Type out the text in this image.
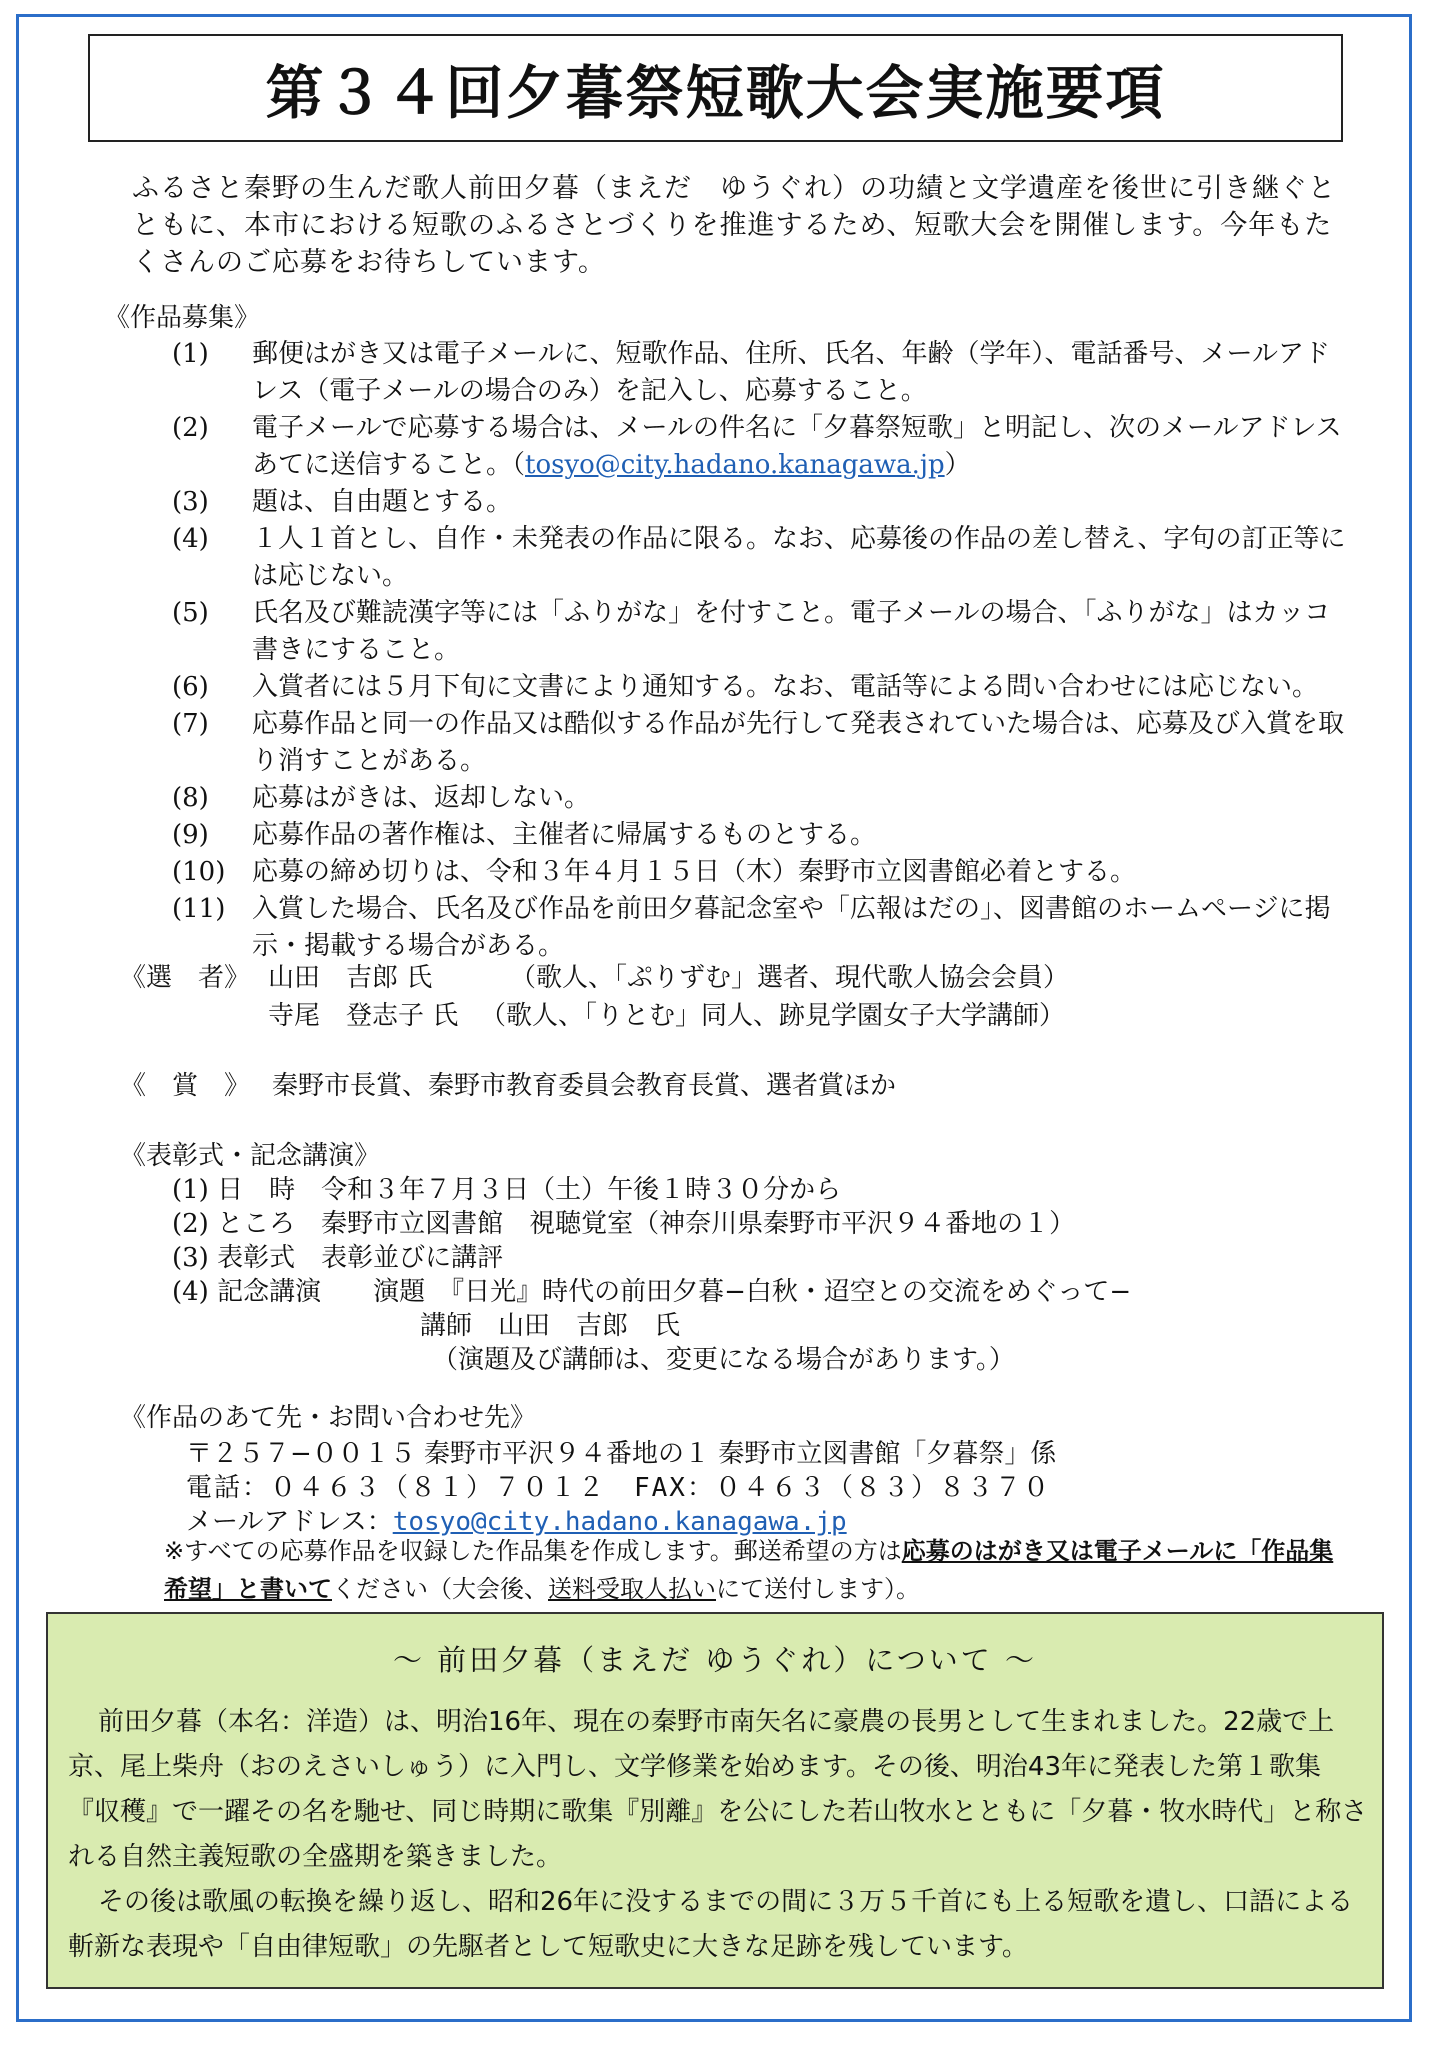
第３４回夕暮祭短歌大会実施要項

ふるさと秦野の生んだ歌人前田夕暮（まえだ　ゆうぐれ）の功績と文学遺産を後世に引き継ぐとともに、本市における短歌のふるさとづくりを推進するため、短歌大会を開催します。今年もたくさんのご応募をお待ちしています。

《作品募集》

(1)	郵便はがき又は電子メールに、短歌作品、住所、氏名、年齢（学年）、電話番号、メールアドレス（電子メールの場合のみ）を記入し、応募すること。
(2)	電子メールで応募する場合は、メールの件名に「夕暮祭短歌」と明記し、次のメールアドレスあてに送信すること。（tosyo@city.hadano.kanagawa.jp）
(3)	題は、自由題とする。
(4)	１人１首とし、自作・未発表の作品に限る。なお、応募後の作品の差し替え、字句の訂正等には応じない。
(5)	氏名及び難読漢字等には「ふりがな」を付すこと。電子メールの場合、「ふりがな」はカッコ書きにすること。
(6)	入賞者には５月下旬に文書により通知する。なお、電話等による問い合わせには応じない。
(7)	応募作品と同一の作品又は酷似する作品が先行して発表されていた場合は、応募及び入賞を取り消すことがある。
(8)	応募はがきは、返却しない。
(9)	応募作品の著作権は、主催者に帰属するものとする。
(10)	応募の締め切りは、令和３年４月１５日（木）秦野市立図書館必着とする。
(11)	入賞した場合、氏名及び作品を前田夕暮記念室や「広報はだの」、図書館のホームページに掲示・掲載する場合がある。

《選　者》 山田　吉郎 氏	（歌人、「ぷりずむ」選者、現代歌人協会会員）

寺尾　登志子 氏 （歌人、「りとむ」同人、跡見学園女子大学講師）

《　賞　》 秦野市長賞、秦野市教育委員会教育長賞、選者賞ほか

《表彰式・記念講演》

(1) 日　時　令和３年７月３日（土）午後１時３０分から

(2) ところ　秦野市立図書館　視聴覚室（神奈川県秦野市平沢９４番地の１）

(3) 表彰式　表彰並びに講評

(4) 記念講演　　演題　『日光』時代の前田夕暮−白秋・迢空との交流をめぐって−

講師　山田　吉郎　氏

（演題及び講師は、変更になる場合があります。）

《作品のあて先・お問い合わせ先》

〒２５７−００１５ 秦野市平沢９４番地の１ 秦野市立図書館「夕暮祭」係

電話：０４６３（８１）７０１２　FAX：０４６３（８３）８３７０

メールアドレス：tosyo@city.hadano.kanagawa.jp

※すべての応募作品を収録した作品集を作成します。郵送希望の方は応募のはがき又は電子メールに「作品集希望」と書いてください（大会後、送料受取人払いにて送付します）。

〜 前田夕暮（まえだ ゆうぐれ）について 〜

前田夕暮（本名：洋造）は、明治16年、現在の秦野市南矢名に豪農の長男として生まれました。22歳で上京、尾上柴舟（おのえさいしゅう）に入門し、文学修業を始めます。その後、明治43年に発表した第１歌集『収穫』で一躍その名を馳せ、同じ時期に歌集『別離』を公にした若山牧水とともに「夕暮・牧水時代」と称される自然主義短歌の全盛期を築きました。

その後は歌風の転換を繰り返し、昭和26年に没するまでの間に３万５千首にも上る短歌を遺し、口語による斬新な表現や「自由律短歌」の先駆者として短歌史に大きな足跡を残しています。
